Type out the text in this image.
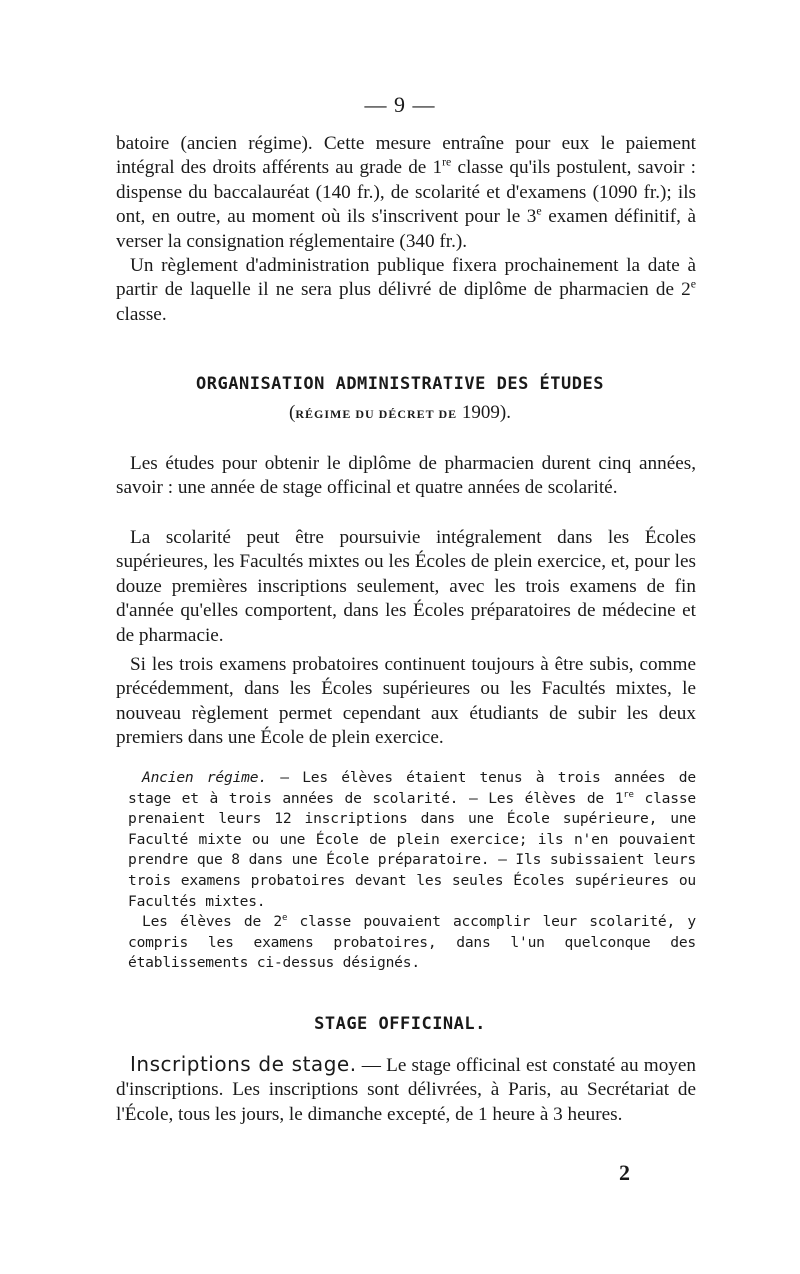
— 9 —
batoire (ancien régime). Cette mesure entraîne pour eux le paiement intégral des droits afférents au grade de 1re classe qu'ils postulent, savoir : dispense du baccalauréat (140 fr.), de scolarité et d'examens (1090 fr.); ils ont, en outre, au moment où ils s'inscrivent pour le 3e examen définitif, à verser la consignation réglementaire (340 fr.).
Un règlement d'administration publique fixera prochainement la date à partir de laquelle il ne sera plus délivré de diplôme de pharmacien de 2e classe.
ORGANISATION ADMINISTRATIVE DES ÉTUDES
(RÉGIME DU DÉCRET DE 1909).

Les études pour obtenir le diplôme de pharmacien durent cinq années, savoir : une année de stage officinal et quatre années de scolarité.

La scolarité peut être poursuivie intégralement dans les Écoles supérieures, les Facultés mixtes ou les Écoles de plein exercice, et, pour les douze premières inscriptions seulement, avec les trois examens de fin d'année qu'elles comportent, dans les Écoles préparatoires de médecine et de pharmacie.

Si les trois examens probatoires continuent toujours à être subis, comme précédemment, dans les Écoles supérieures ou les Facultés mixtes, le nouveau règlement permet cependant aux étudiants de subir les deux premiers dans une École de plein exercice.

Ancien régime. — Les élèves étaient tenus à trois années de stage et à trois années de scolarité. — Les élèves de 1re classe prenaient leurs 12 inscriptions dans une École supérieure, une Faculté mixte ou une École de plein exercice; ils n'en pouvaient prendre que 8 dans une École préparatoire. — Ils subissaient leurs trois examens probatoires devant les seules Écoles supérieures ou Facultés mixtes.

Les élèves de 2e classe pouvaient accomplir leur scolarité, y compris les examens probatoires, dans l'un quelconque des établissements ci-dessus désignés.

STAGE OFFICINAL.

Inscriptions de stage. — Le stage officinal est constaté au moyen d'inscriptions. Les inscriptions sont délivrées, à Paris, au Secrétariat de l'École, tous les jours, le dimanche excepté, de 1 heure à 3 heures.

2
